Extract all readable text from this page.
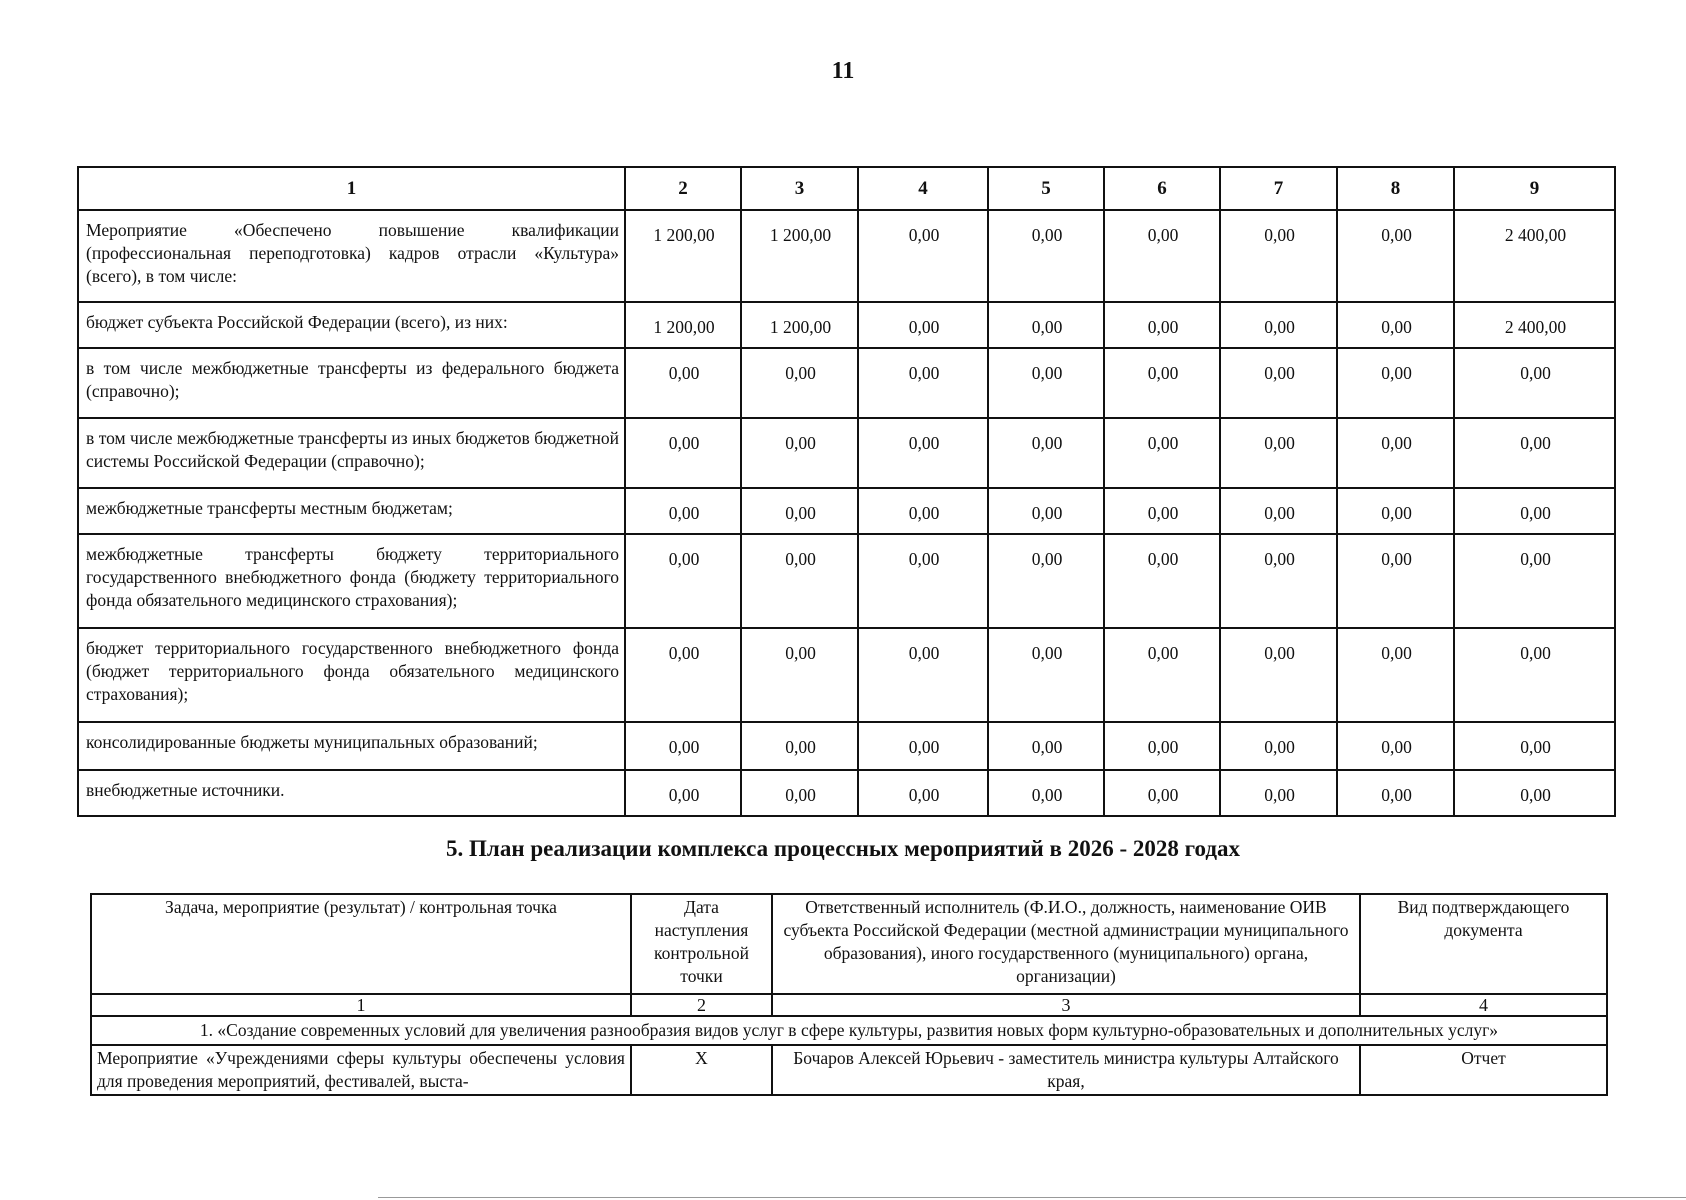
11
1	2	3	4	5	6	7	8	9
Мероприятие «Обеспечено повышение квалификации (профессиональная переподготовка) кадров отрасли «Культура» (всего), в том числе:	1 200,00	1 200,00	0,00	0,00	0,00	0,00	0,00	2 400,00
бюджет субъекта Российской Федерации (всего), из них:	1 200,00	1 200,00	0,00	0,00	0,00	0,00	0,00	2 400,00
в том числе межбюджетные трансферты из федерального бюджета (справочно);	0,00	0,00	0,00	0,00	0,00	0,00	0,00	0,00
в том числе межбюджетные трансферты из иных бюджетов бюджетной системы Российской Федерации (справочно);	0,00	0,00	0,00	0,00	0,00	0,00	0,00	0,00
межбюджетные трансферты местным бюджетам;	0,00	0,00	0,00	0,00	0,00	0,00	0,00	0,00
межбюджетные трансферты бюджету территориального государственного внебюджетного фонда (бюджету территориального фонда обязательного медицинского страхования);	0,00	0,00	0,00	0,00	0,00	0,00	0,00	0,00
бюджет территориального государственного внебюджетного фонда (бюджет территориального фонда обязательного медицинского страхования);	0,00	0,00	0,00	0,00	0,00	0,00	0,00	0,00
консолидированные бюджеты муниципальных образований;	0,00	0,00	0,00	0,00	0,00	0,00	0,00	0,00
внебюджетные источники.	0,00	0,00	0,00	0,00	0,00	0,00	0,00	0,00
5. План реализации комплекса процессных мероприятий в 2026 - 2028 годах
Задача, мероприятие (результат) / контрольная точка	Дата наступления контрольной точки	Ответственный исполнитель (Ф.И.О., должность, наименование ОИВ субъекта Российской Федерации (местной администрации муниципального образования), иного государственного (муниципального) органа, организации)	Вид подтверждающего документа
1	2	3	4
1. «Создание современных условий для увеличения разнообразия видов услуг в сфере культуры, развития новых форм культурно-образовательных и дополнительных услуг»			
Мероприятие «Учреждениями сферы культуры обеспечены условия для проведения мероприятий, фестивалей, выста-	X	Бочаров Алексей Юрьевич - заместитель министра культуры Алтайского края,	Отчет
